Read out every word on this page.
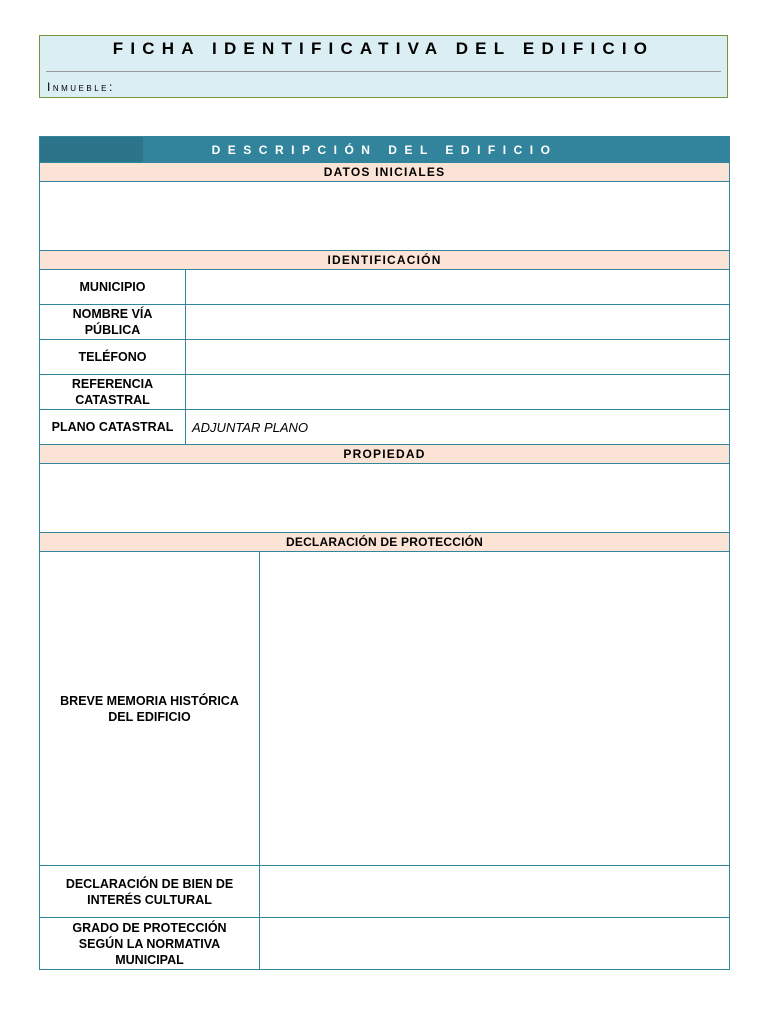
FICHA IDENTIFICATIVA DEL EDIFICIO
Inmueble:
DESCRIPCIÓN DEL EDIFICIO		
DATOS INICIALES		

IDENTIFICACIÓN		
MUNICIPIO		

NOMBRE VÍA
PÚBLICA		

TELÉFONO		

REFERENCIA
CATASTRAL		

PLANO CATASTRAL	ADJUNTAR PLANO	
PROPIEDAD		

DECLARACIÓN DE PROTECCIÓN		

BREVE MEMORIA HISTÓRICA
DEL EDIFICIO		

DECLARACIÓN DE BIEN DE
INTERÉS CULTURAL		

GRADO DE PROTECCIÓN
SEGÚN LA NORMATIVA
MUNICIPAL		
